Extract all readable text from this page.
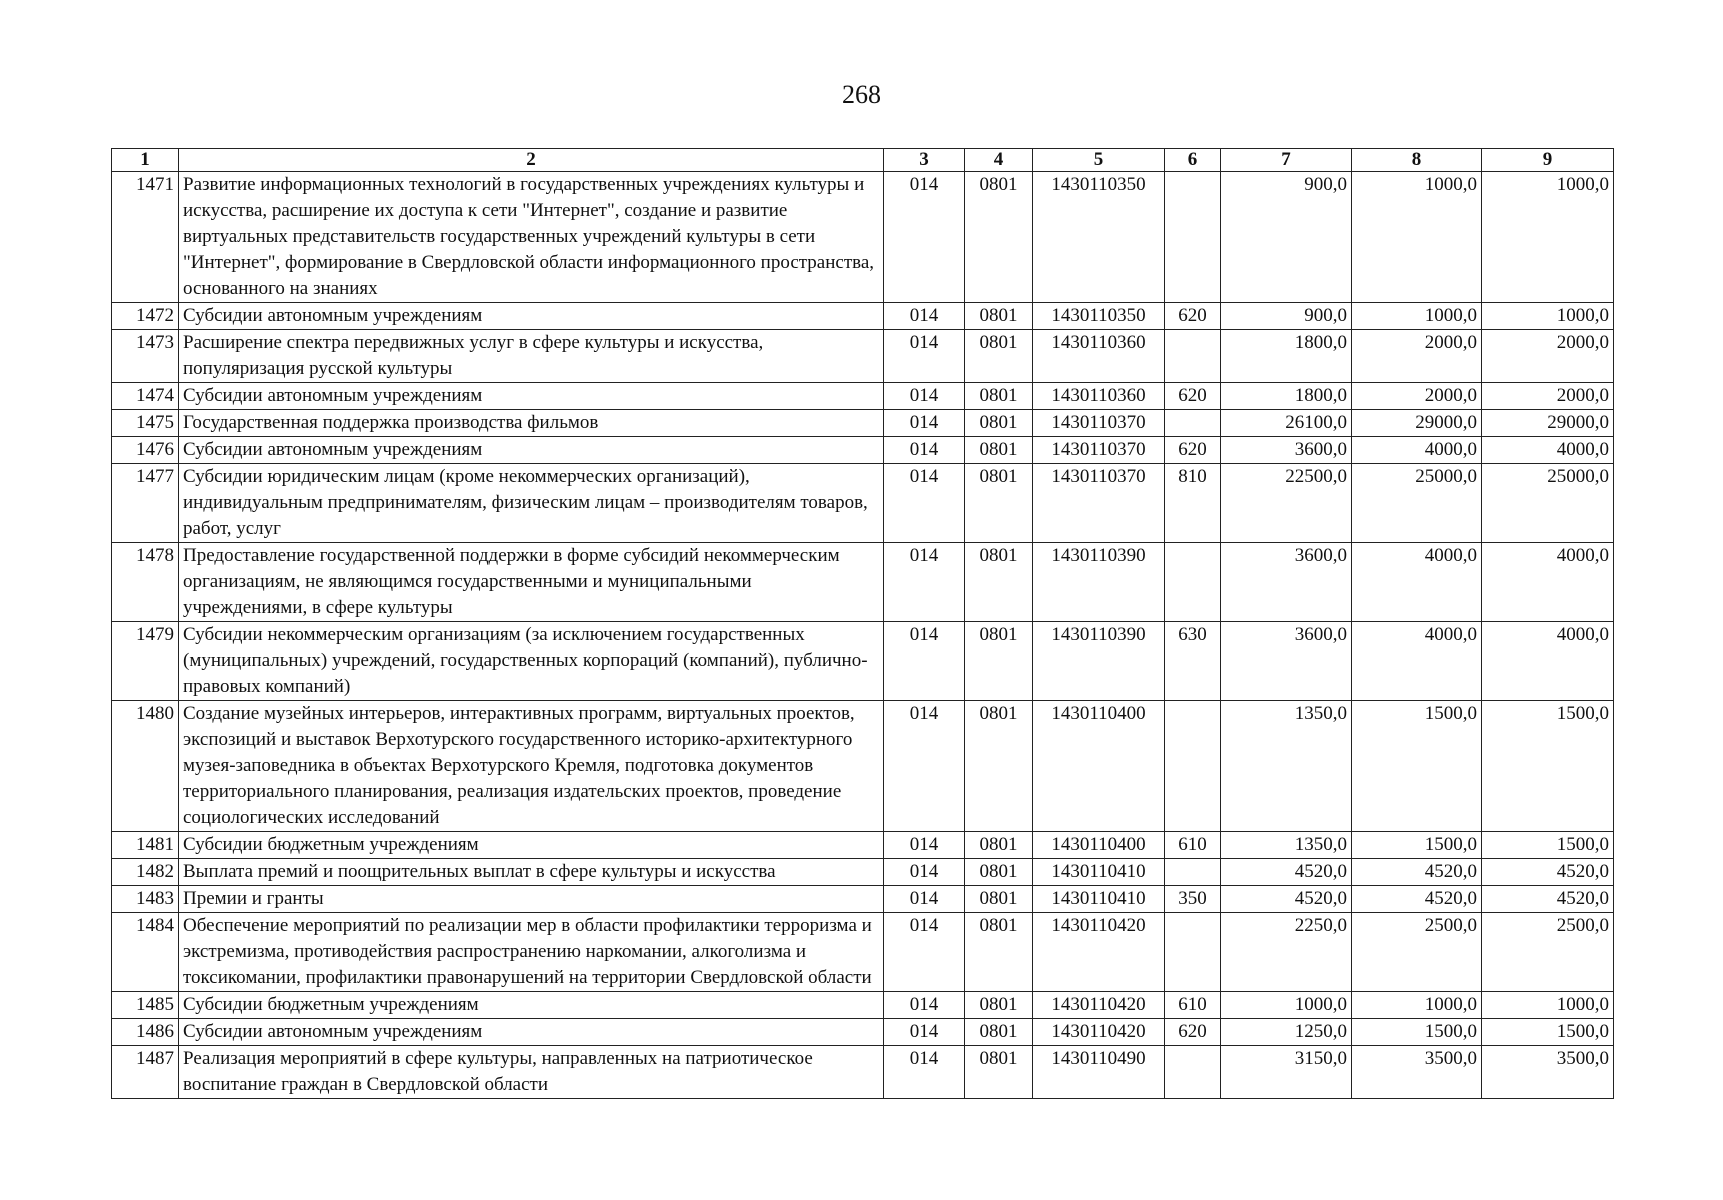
268
1	2	3	4	5	6	7	8	9
1471	Развитие информационных технологий в государственных учреждениях культуры и искусства, расширение их доступа к сети "Интернет", создание и развитие виртуальных представительств государственных учреждений культуры в сети "Интернет", формирование в Свердловской области информационного пространства, основанного на знаниях	014	0801	1430110350		900,0	1000,0	1000,0
1472	Субсидии автономным учреждениям	014	0801	1430110350	620	900,0	1000,0	1000,0
1473	Расширение спектра передвижных услуг в сфере культуры и искусства, популяризация русской культуры	014	0801	1430110360		1800,0	2000,0	2000,0
1474	Субсидии автономным учреждениям	014	0801	1430110360	620	1800,0	2000,0	2000,0
1475	Государственная поддержка производства фильмов	014	0801	1430110370		26100,0	29000,0	29000,0
1476	Субсидии автономным учреждениям	014	0801	1430110370	620	3600,0	4000,0	4000,0
1477	Субсидии юридическим лицам (кроме некоммерческих организаций), индивидуальным предпринимателям, физическим лицам – производителям товаров, работ, услуг	014	0801	1430110370	810	22500,0	25000,0	25000,0
1478	Предоставление государственной поддержки в форме субсидий некоммерческим организациям, не являющимся государственными и муниципальными учреждениями, в сфере культуры	014	0801	1430110390		3600,0	4000,0	4000,0
1479	Субсидии некоммерческим организациям (за исключением государственных (муниципальных) учреждений, государственных корпораций (компаний), публично-правовых компаний)	014	0801	1430110390	630	3600,0	4000,0	4000,0
1480	Создание музейных интерьеров, интерактивных программ, виртуальных проектов, экспозиций и выставок Верхотурского государственного историко-архитектурного музея-заповедника в объектах Верхотурского Кремля, подготовка документов территориального планирования, реализация издательских проектов, проведение социологических исследований	014	0801	1430110400		1350,0	1500,0	1500,0
1481	Субсидии бюджетным учреждениям	014	0801	1430110400	610	1350,0	1500,0	1500,0
1482	Выплата премий и поощрительных выплат в сфере культуры и искусства	014	0801	1430110410		4520,0	4520,0	4520,0
1483	Премии и гранты	014	0801	1430110410	350	4520,0	4520,0	4520,0
1484	Обеспечение мероприятий по реализации мер в области профилактики терроризма и экстремизма, противодействия распространению наркомании, алкоголизма и токсикомании, профилактики правонарушений на территории Свердловской области	014	0801	1430110420		2250,0	2500,0	2500,0
1485	Субсидии бюджетным учреждениям	014	0801	1430110420	610	1000,0	1000,0	1000,0
1486	Субсидии автономным учреждениям	014	0801	1430110420	620	1250,0	1500,0	1500,0
1487	Реализация мероприятий в сфере культуры, направленных на патриотическое воспитание граждан в Свердловской области	014	0801	1430110490		3150,0	3500,0	3500,0
